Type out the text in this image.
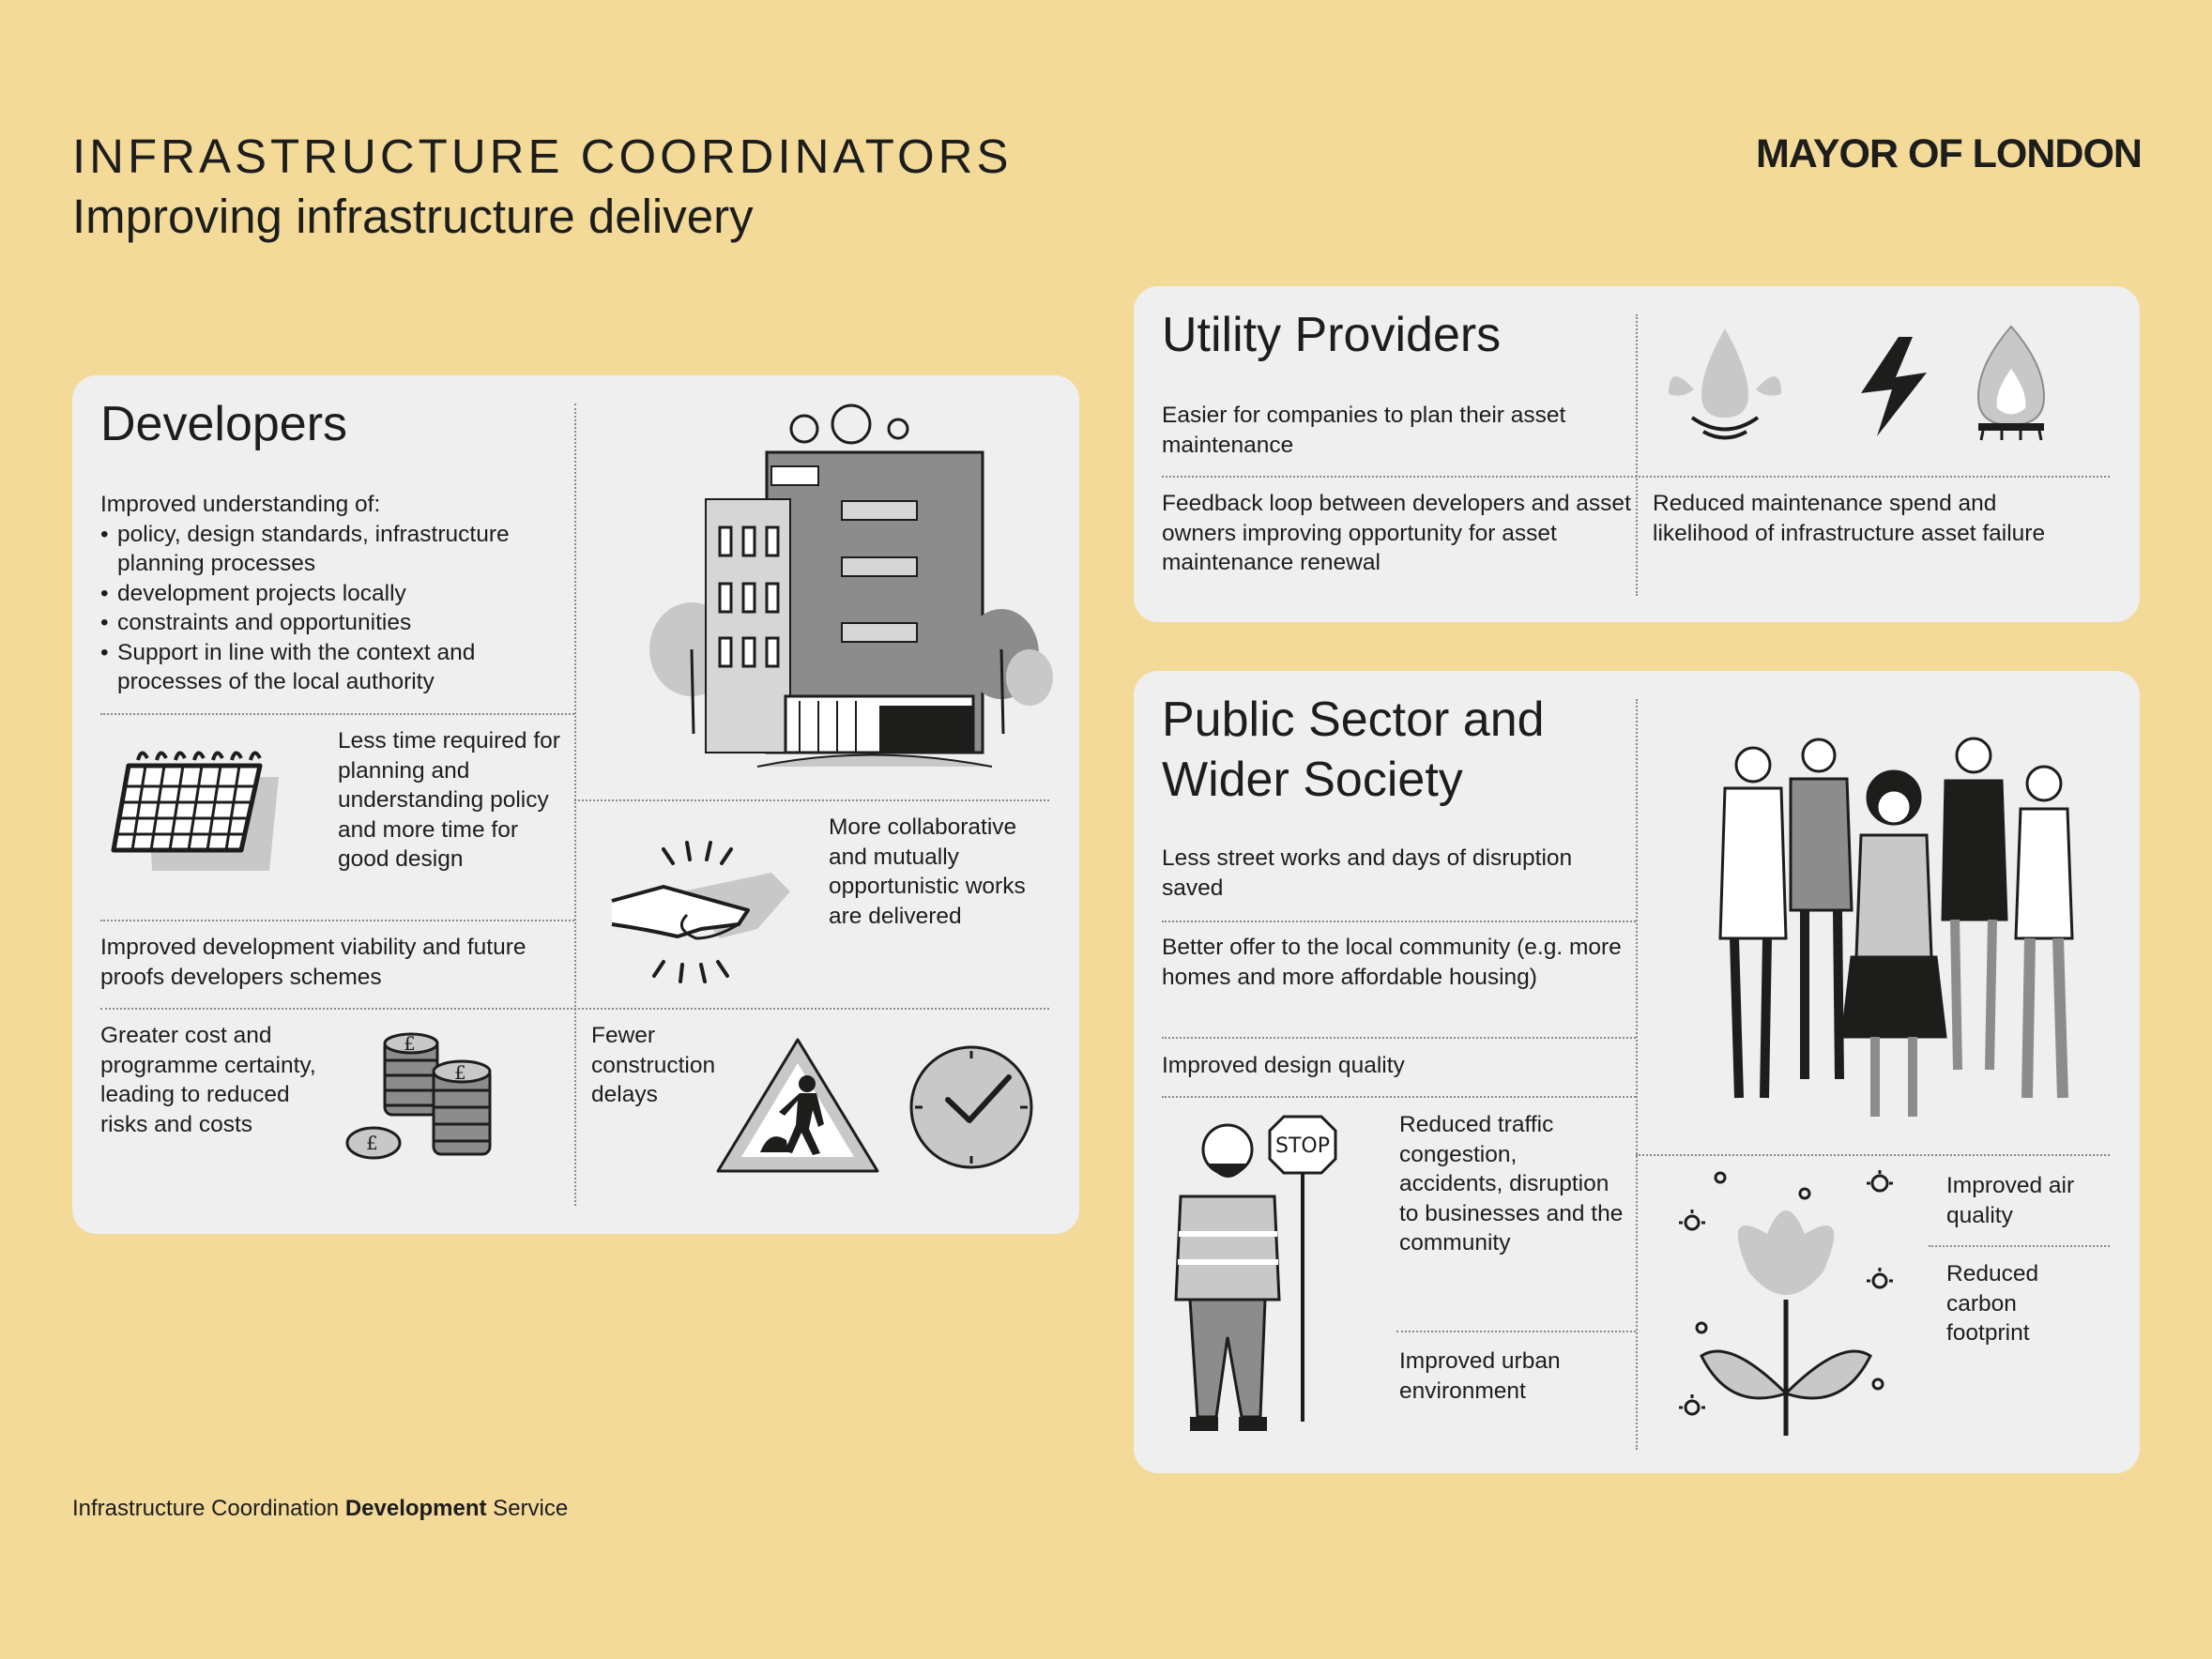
INFRASTRUCTURE COORDINATORS
Improving infrastructure delivery
MAYOR OF LONDON
Developers
Improved understanding of:
• policy, design standards, infrastructure planning processes
• development projects locally
• constraints and opportunities
• Support in line with the context and processes of the local authority
Less time required for planning and understanding policy and more time for good design
Improved development viability and future proofs developers schemes
Greater cost and programme certainty, leading to reduced risks and costs
£
£
£
More collaborative and mutually opportunistic works are delivered
Fewer construction delays
Utility Providers
Easier for companies to plan their asset maintenance
Feedback loop between developers and asset owners improving opportunity for asset maintenance renewal
Reduced maintenance spend and likelihood of infrastructure asset failure
Public Sector and
Wider Society
Less street works and days of disruption saved
Better offer to the local community (e.g. more homes and more affordable housing)
Improved design quality
Reduced traffic congestion, accidents, disruption to businesses and the community
Improved urban environment
Improved air quality
Reduced carbon footprint
STOP
Infrastructure Coordination Development Service
